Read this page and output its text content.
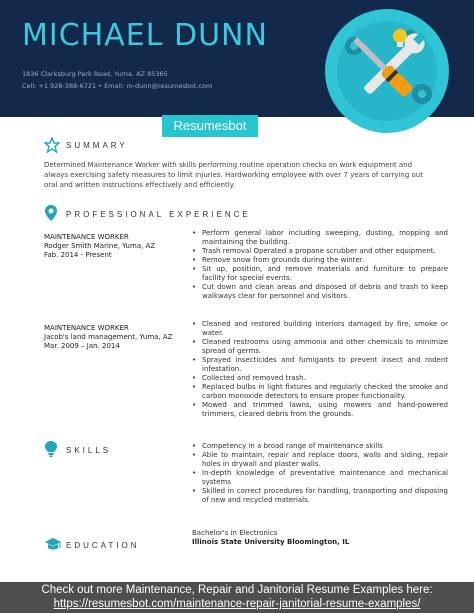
MICHAEL DUNN
1836 Clarksburg Park Road, Yuma, AZ 85365
Cell: +1 928-388-6721 • Email: m-dunn@resumesbot.com
Resumesbot
SUMMARY
Determined Maintenance Worker with skills performing routine operation checks on work equipment and always exercising safety measures to limit injuries. Hardworking employee with over 7 years of carrying out oral and written instructions effectively and efficiently.
PROFESSIONAL EXPERIENCE
MAINTENANCE WORKER
Rodger Smith Marine, Yuma, AZ
Fab. 2014 - Present
• Perform general labor including sweeping, dusting, mopping and maintaining the building.
• Trash removal Operated a propane scrubber and other equipment.
• Remove snow from grounds during the winter.
• Sit up, position, and remove materials and furniture to prepare facility for special events.
• Cut down and clean areas and disposed of debris and trash to keep walkways clear for personnel and visitors.
MAINTENANCE WORKER
Jacob's land management, Yuma, AZ
Mar. 2009 – Jan. 2014
• Cleaned and restored building interiors damaged by fire, smoke or water.
• Cleaned restrooms using ammonia and other chemicals to minimize spread of germs.
• Sprayed insecticides and fumigants to prevent insect and rodent infestation.
• Collected and removed trash.
• Replaced bulbs in light fixtures and regularly checked the smoke and carbon monoxide detectors to ensure proper functionality.
• Mowed and trimmed lawns, using mowers and hand-powered trimmers, cleared debris from the grounds.
SKILLS
•	Competency in a broad range of maintenance skills
• Able to maintain, repair and replace doors, walls and siding, repair holes in drywall and plaster walls.
• In-depth knowledge of preventative maintenance and mechanical systems
• Skilled in correct procedures for handling, transporting and disposing of new and recycled materials.
EDUCATION
Bachelor's in Electronics
Illinois State University Bloomington, IL
Check out more Maintenance, Repair and Janitorial Resume Examples here:
https://resumesbot.com/maintenance-repair-janitorial-resume-examples/
